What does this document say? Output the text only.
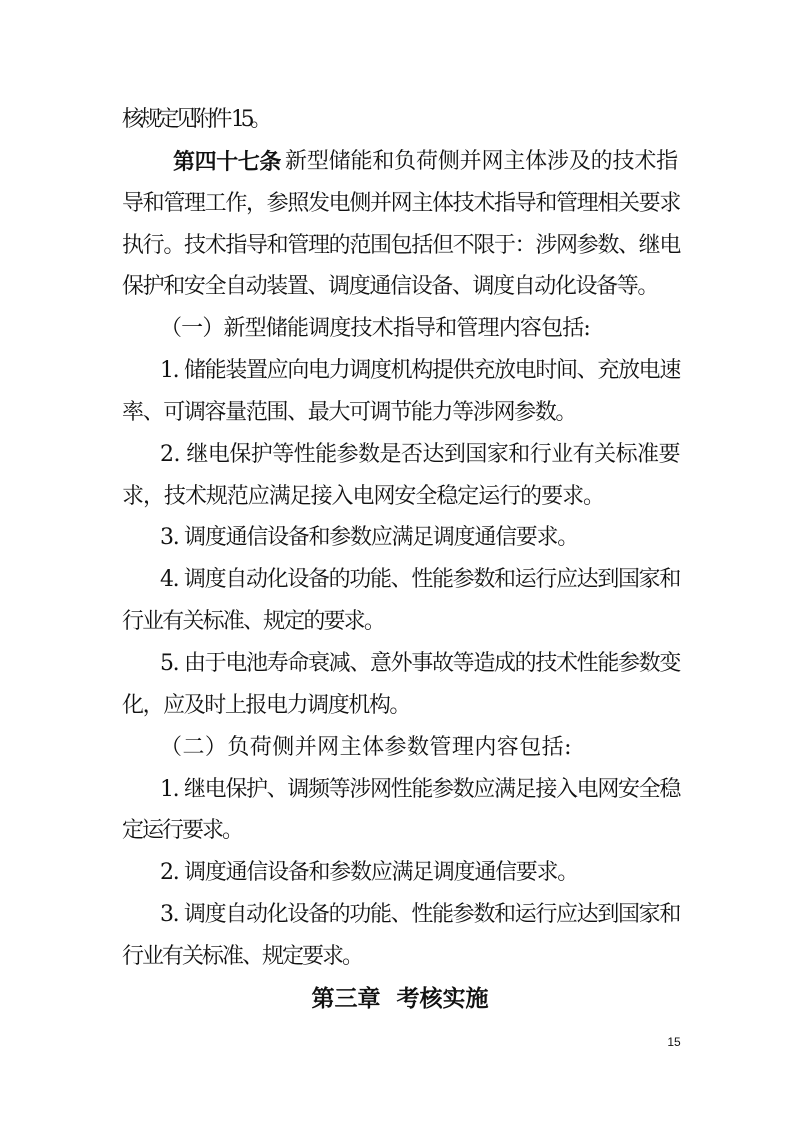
核规定见附件 15。
第四十七条 新型储能和负荷侧并网主体涉及的技术指
导和管理工作，参照发电侧并网主体技术指导和管理相关要求
执行。技术指导和管理的范围包括但不限于：涉网参数、继电
保护和安全自动装置、调度通信设备、调度自动化设备等。
（一）新型储能调度技术指导和管理内容包括:
1. 储能装置应向电力调度机构提供充放电时间、充放电速
率、可调容量范围、最大可调节能力等涉网参数。
2. 继电保护等性能参数是否达到国家和行业有关标准要
求，技术规范应满足接入电网安全稳定运行的要求。
3. 调度通信设备和参数应满足调度通信要求。
4. 调度自动化设备的功能、性能参数和运行应达到国家和
行业有关标准、规定的要求。
5. 由于电池寿命衰减、意外事故等造成的技术性能参数变
化，应及时上报电力调度机构。
（二）负荷侧并网主体参数管理内容包括:
1. 继电保护、调频等涉网性能参数应满足接入电网安全稳
定运行要求。
2. 调度通信设备和参数应满足调度通信要求。
3. 调度自动化设备的功能、性能参数和运行应达到国家和
行业有关标准、规定要求。
第三章 考核实施
15
